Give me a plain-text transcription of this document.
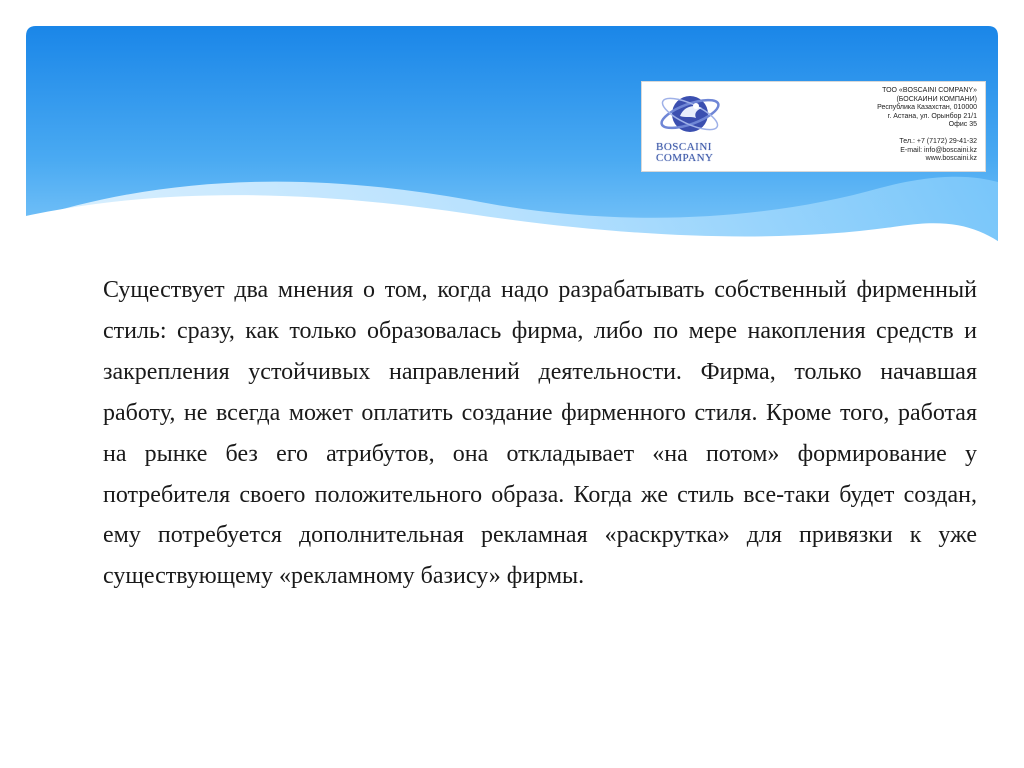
BOSCAINI
COMPANY
ТОО «BOSCAINI COMPANY»
(БОСКАИНИ КОМПАНИ)
Республика Казахстан, 010000
г. Астана, ул. Орынбор 21/1
Офис 35
Тел.: +7 (7172) 29-41-32
E-mail: info@boscaini.kz
www.boscaini.kz

Существует два мнения о том, когда надо разрабатывать собственный фирменный стиль: сразу, как только образовалась фирма, либо по мере накопления средств и закрепления устойчивых направлений деятельности. Фирма, только начавшая работу, не всегда может оплатить создание фирменного стиля. Кроме того, работая на рынке без его атрибутов, она откладывает «на потом» формирование у потребителя своего положительного образа. Когда же стиль все-таки будет создан, ему потребуется дополнительная рекламная «раскрутка» для привязки к уже существующему «рекламному базису» фирмы.
